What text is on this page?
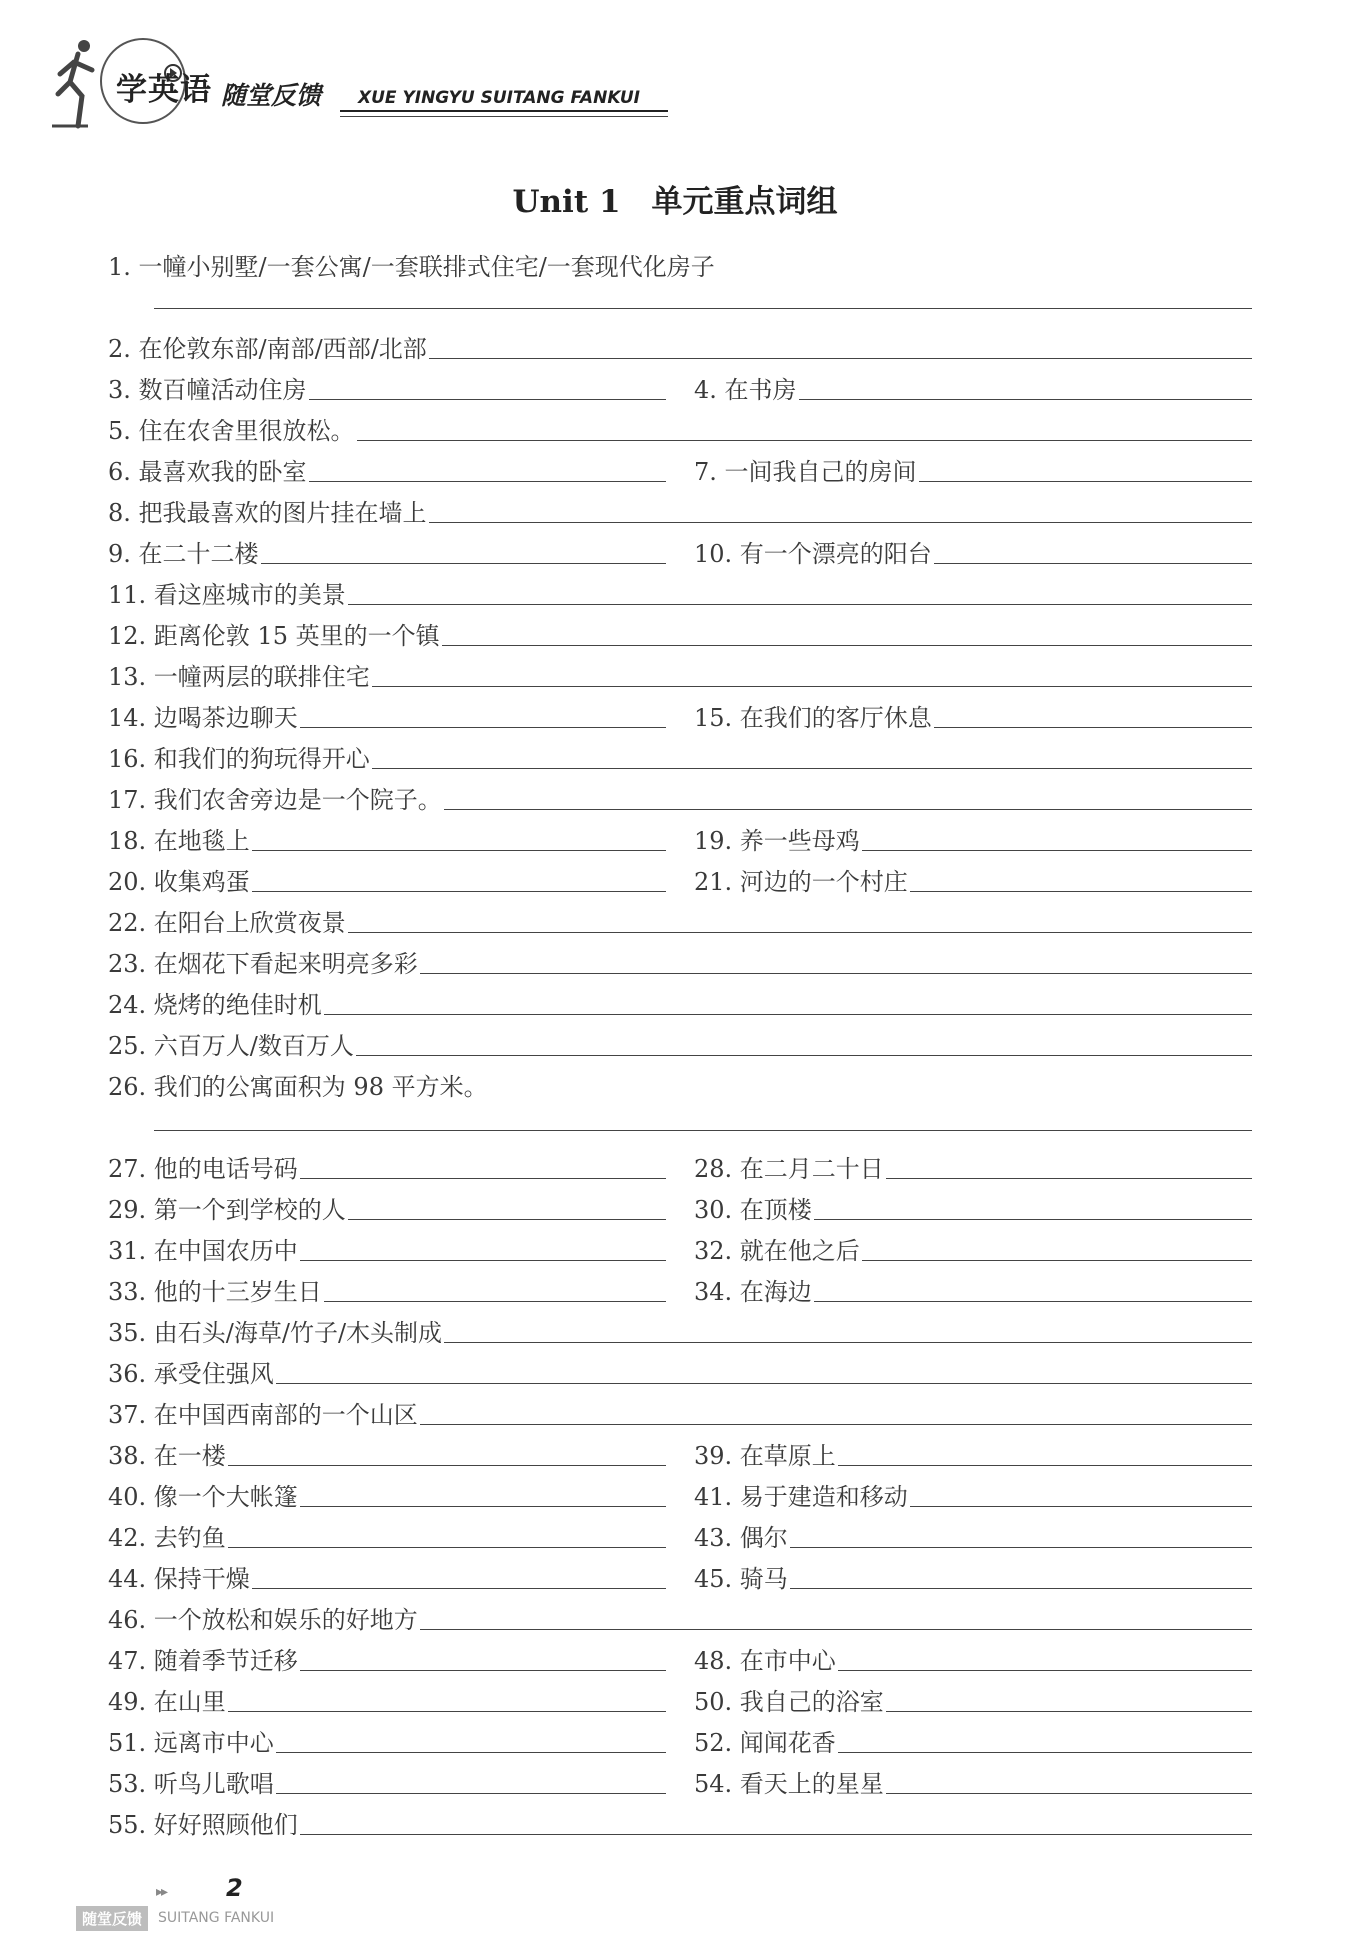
学英语 随堂反馈 XUE YINGYU SUITANG FANKUI
Unit 1　单元重点词组
1. 一幢小别墅/一套公寓/一套联排式住宅/一套现代化房子
2. 在伦敦东部/南部/西部/北部
3. 数百幢活动住房	4. 在书房
5. 住在农舍里很放松。
6. 最喜欢我的卧室	7. 一间我自己的房间
8. 把我最喜欢的图片挂在墙上
9. 在二十二楼	10. 有一个漂亮的阳台
11. 看这座城市的美景
12. 距离伦敦 15 英里的一个镇
13. 一幢两层的联排住宅
14. 边喝茶边聊天	15. 在我们的客厅休息
16. 和我们的狗玩得开心
17. 我们农舍旁边是一个院子。
18. 在地毯上	19. 养一些母鸡
20. 收集鸡蛋	21. 河边的一个村庄
22. 在阳台上欣赏夜景
23. 在烟花下看起来明亮多彩
24. 烧烤的绝佳时机
25. 六百万人/数百万人
26. 我们的公寓面积为 98 平方米。
27. 他的电话号码	28. 在二月二十日
29. 第一个到学校的人	30. 在顶楼
31. 在中国农历中	32. 就在他之后
33. 他的十三岁生日	34. 在海边
35. 由石头/海草/竹子/木头制成
36. 承受住强风
37. 在中国西南部的一个山区
38. 在一楼	39. 在草原上
40. 像一个大帐篷	41. 易于建造和移动
42. 去钓鱼	43. 偶尔
44. 保持干燥	45. 骑马
46. 一个放松和娱乐的好地方
47. 随着季节迁移	48. 在市中心
49. 在山里	50. 我自己的浴室
51. 远离市中心	52. 闻闻花香
53. 听鸟儿歌唱	54. 看天上的星星
55. 好好照顾他们
▸▸ 2
随堂反馈	SUITANG FANKUI
